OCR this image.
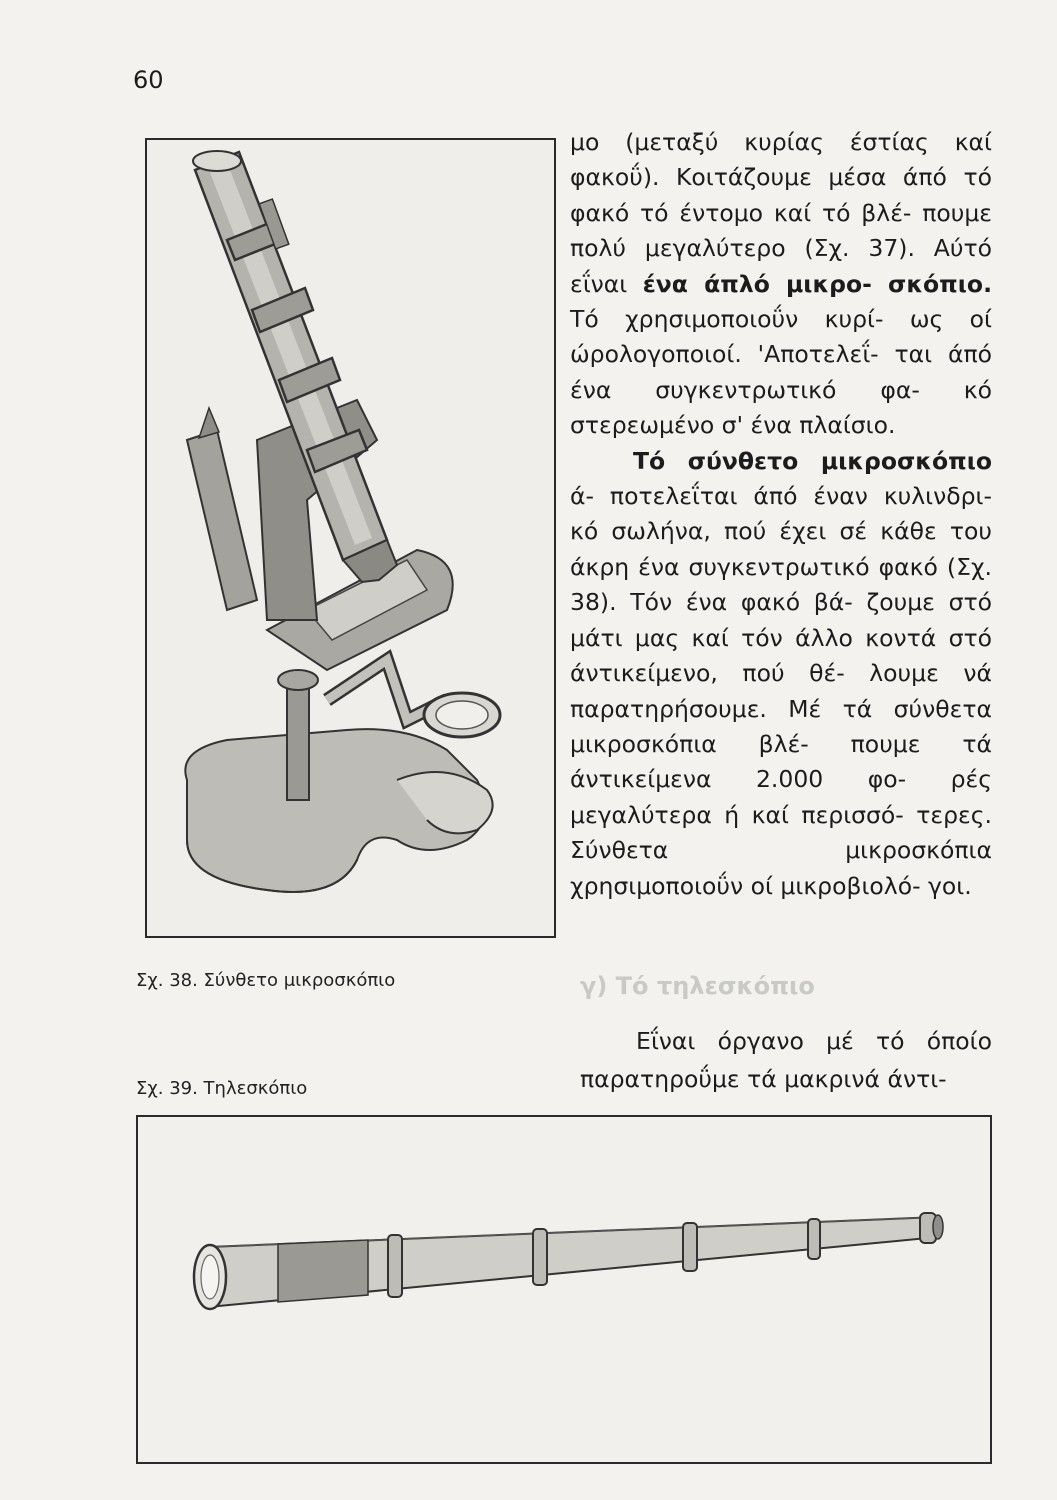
60
Σχ. 38. Σύνθετο μικροσκόπιο
Σχ. 39. Τηλεσκόπιο

μο (μεταξύ κυρίας έστίας καί φακοΰ). Κοιτάζουμε μέσα άπό τό φακό τό έντομο καί τό βλέ- πουμε πολύ μεγαλύτερο (Σχ. 37). Αύτό εΐναι ένα άπλό μικρο- σκόπιο. Τό χρησιμοποιοΰν κυρί- ως οί ώρολογοποιοί. 'Αποτελεΐ- ται άπό ένα συγκεντρωτικό φα- κό στερεωμένο σ' ένα πλαίσιο.

Τό σύνθετο μικροσκόπιο ά- ποτελεΐται άπό έναν κυλινδρι- κό σωλήνα, πού έχει σέ κάθε του άκρη ένα συγκεντρωτικό φακό (Σχ. 38). Τόν ένα φακό βά- ζουμε στό μάτι μας καί τόν άλλο κοντά στό άντικείμενο, πού θέ- λουμε νά παρατηρήσουμε. Μέ τά σύνθετα μικροσκόπια βλέ- πουμε τά άντικείμενα 2.000 φο- ρές μεγαλύτερα ή καί περισσό- τερες. Σύνθετα μικροσκόπια χρησιμοποιοΰν οί μικροβιολό- γοι.

γ) Τό τηλεσκόπιο

Εΐναι όργανο μέ τό όποίο παρατηροΰμε τά μακρινά άντι-
